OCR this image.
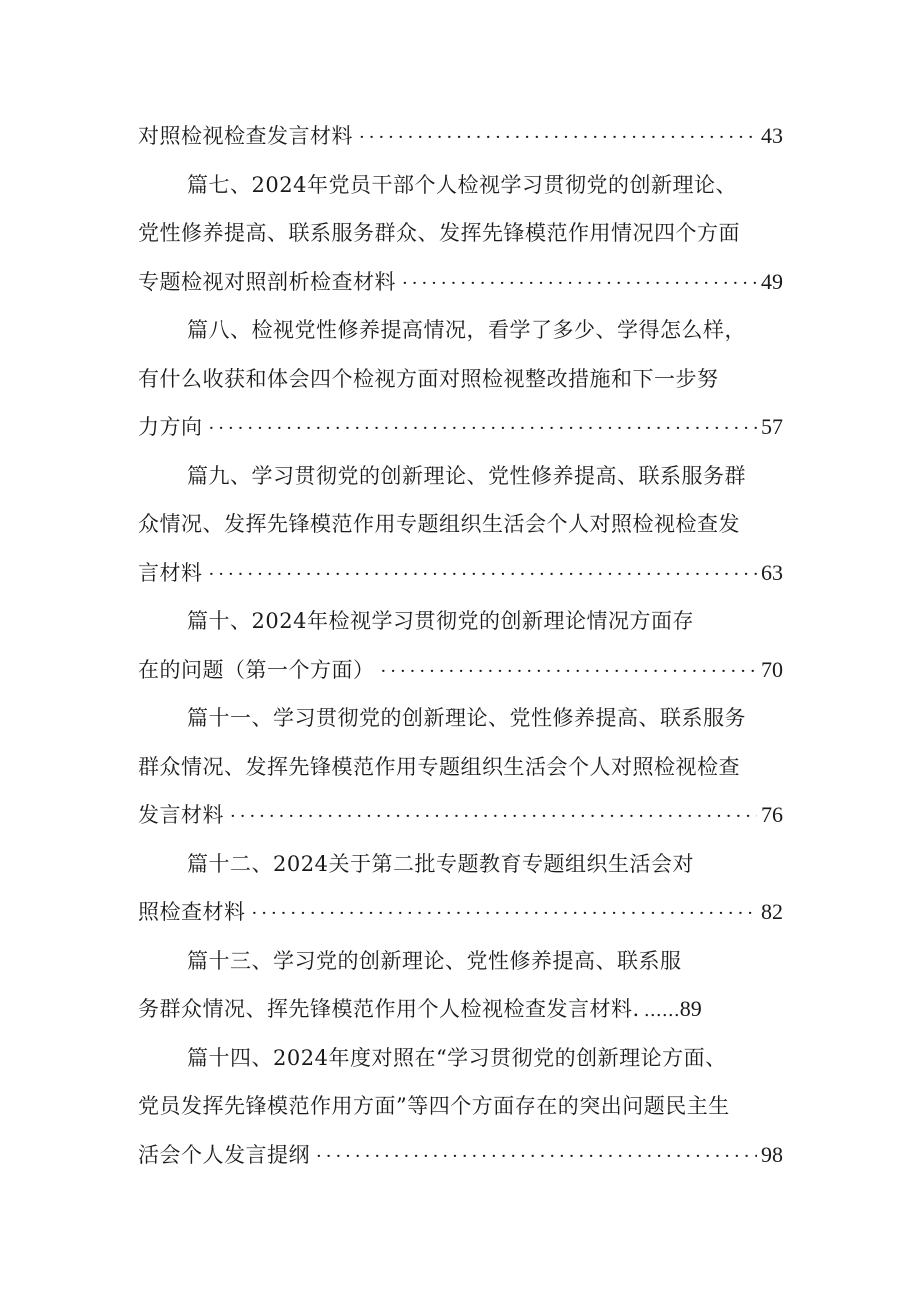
对照检视检查发言材料 ·····	43
篇七、2024年党员干部个人检视学习贯彻党的创新理论、
党性修养提高、联系服务群众、发挥先锋模范作用情况四个方面
专题检视对照剖析检查材料 ·····	49
篇八、检视党性修养提高情况，看学了多少、学得怎么样，
有什么收获和体会四个检视方面对照检视整改措施和下一步努
力方向 ·····	57
篇九、学习贯彻党的创新理论、党性修养提高、联系服务群
众情况、发挥先锋模范作用专题组织生活会个人对照检视检查发
言材料 ·····	63
篇十、2024年检视学习贯彻党的创新理论情况方面存
在的问题（第一个方面） ·····	70
篇十一、学习贯彻党的创新理论、党性修养提高、联系服务
群众情况、发挥先锋模范作用专题组织生活会个人对照检视检查
发言材料 ·····	76
篇十二、2024关于第二批专题教育专题组织生活会对
照检查材料 ·····	82
篇十三、学习党的创新理论、党性修养提高、联系服
务群众情况、挥先锋模范作用个人检视检查发言材料. …… 89
篇十四、2024年度对照在“学习贯彻党的创新理论方面、
党员发挥先锋模范作用方面”等四个方面存在的突出问题民主生
活会个人发言提纲 ·····	98
